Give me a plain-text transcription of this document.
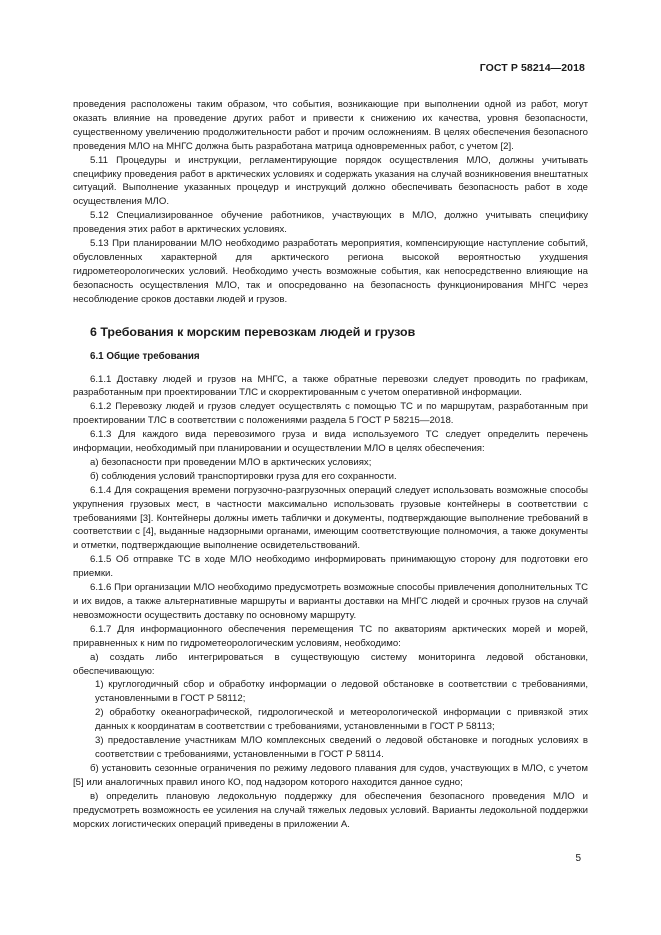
ГОСТ Р 58214—2018

проведения расположены таким образом, что события, возникающие при выполнении одной из работ, могут оказать влияние на проведение других работ и привести к снижению их качества, уровня безопасности, существенному увеличению продолжительности работ и прочим осложнениям. В целях обеспечения безопасного проведения МЛО на МНГС должна быть разработана матрица одновременных работ, с учетом [2].

5.11 Процедуры и инструкции, регламентирующие порядок осуществления МЛО, должны учитывать специфику проведения работ в арктических условиях и содержать указания на случай возникновения внештатных ситуаций. Выполнение указанных процедур и инструкций должно обеспечивать безопасность работ в ходе осуществления МЛО.

5.12 Специализированное обучение работников, участвующих в МЛО, должно учитывать специфику проведения этих работ в арктических условиях.

5.13 При планировании МЛО необходимо разработать мероприятия, компенсирующие наступление событий, обусловленных характерной для арктического региона высокой вероятностью ухудшения гидрометеорологических условий. Необходимо учесть возможные события, как непосредственно влияющие на безопасность осуществления МЛО, так и опосредованно на безопасность функционирования МНГС через несоблюдение сроков доставки людей и грузов.

6 Требования к морским перевозкам людей и грузов

6.1 Общие требования

6.1.1 Доставку людей и грузов на МНГС, а также обратные перевозки следует проводить по графикам, разработанным при проектировании ТЛС и скорректированным с учетом оперативной информации.

6.1.2 Перевозку людей и грузов следует осуществлять с помощью ТС и по маршрутам, разработанным при проектировании ТЛС в соответствии с положениями раздела 5 ГОСТ Р 58215—2018.

6.1.3 Для каждого вида перевозимого груза и вида используемого ТС следует определить перечень информации, необходимый при планировании и осуществлении МЛО в целях обеспечения:

а) безопасности при проведении МЛО в арктических условиях;

б) соблюдения условий транспортировки груза для его сохранности.

6.1.4 Для сокращения времени погрузочно-разгрузочных операций следует использовать возможные способы укрупнения грузовых мест, в частности максимально использовать грузовые контейнеры в соответствии с требованиями [3]. Контейнеры должны иметь таблички и документы, подтверждающие выполнение требований в соответствии с [4], выданные надзорными органами, имеющим соответствующие полномочия, а также документы и отметки, подтверждающие выполнение освидетельствований.

6.1.5 Об отправке ТС в ходе МЛО необходимо информировать принимающую сторону для подготовки его приемки.

6.1.6 При организации МЛО необходимо предусмотреть возможные способы привлечения дополнительных ТС и их видов, а также альтернативные маршруты и варианты доставки на МНГС людей и срочных грузов на случай невозможности осуществить доставку по основному маршруту.

6.1.7 Для информационного обеспечения перемещения ТС по акваториям арктических морей и морей, приравненных к ним по гидрометеорологическим условиям, необходимо:

а) создать либо интегрироваться в существующую систему мониторинга ледовой обстановки, обеспечивающую:

1) круглогодичный сбор и обработку информации о ледовой обстановке в соответствии с требованиями, установленными в ГОСТ Р 58112;

2) обработку океанографической, гидрологической и метеорологической информации с привязкой этих данных к координатам в соответствии с требованиями, установленными в ГОСТ Р 58113;

3) предоставление участникам МЛО комплексных сведений о ледовой обстановке и погодных условиях в соответствии с требованиями, установленными в ГОСТ Р 58114.

б) установить сезонные ограничения по режиму ледового плавания для судов, участвующих в МЛО, с учетом [5] или аналогичных правил иного КО, под надзором которого находится данное судно;

в) определить плановую ледокольную поддержку для обеспечения безопасного проведения МЛО и предусмотреть возможность ее усиления на случай тяжелых ледовых условий. Варианты ледокольной поддержки морских логистических операций приведены в приложении А.

5
